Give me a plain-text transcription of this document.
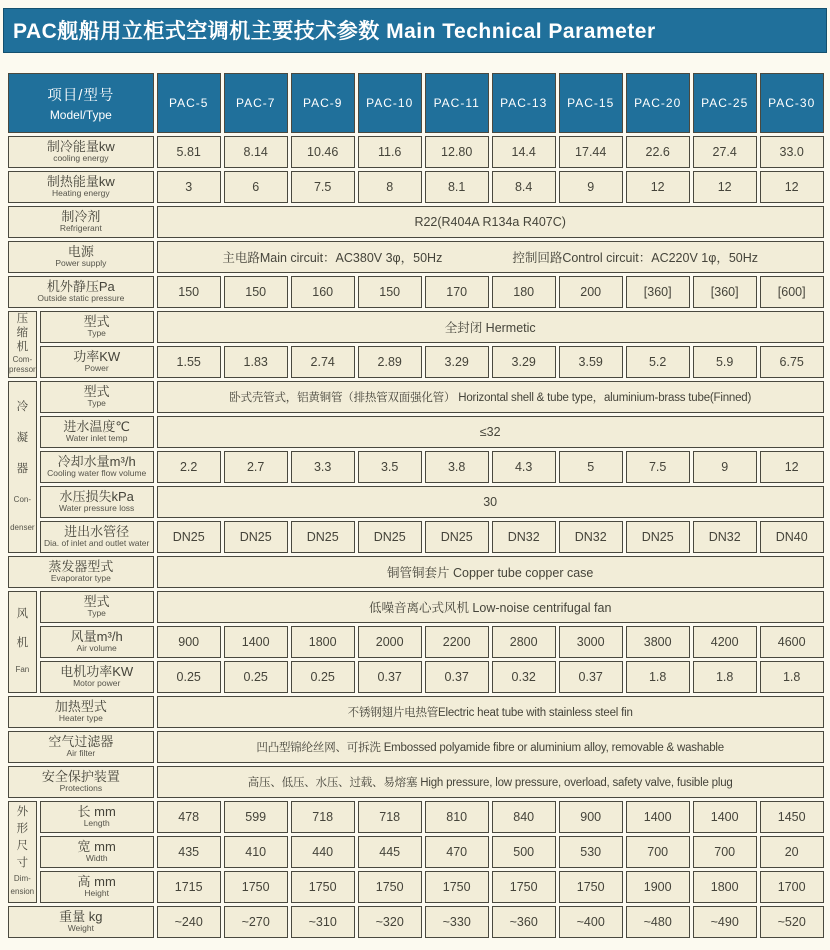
PAC舰船用立柜式空调机主要技术参数 Main Technical Parameter
项目/型号
Model/Type		PAC-5	PAC-7	PAC-9	PAC-10	PAC-11	PAC-13	PAC-15	PAC-20	PAC-25	PAC-30

制冷能量kw
cooling energy		5.81	8.14	10.46	11.6	12.80	14.4	17.44	22.6	27.4	33.0

制热能量kw
Heating energy		3	6	7.5	8	8.1	8.4	9	12	12	12

制冷剂
Refrigerant		R22(R404A R134a R407C)									

电源
Power supply	主电路Main circuit：AC380V 3φ，50Hz	控制回路Control circuit：AC220V 1φ，50Hz

机外静压Pa
Outside static pressure		150	150	160	150	170	180	200	[360]	[360]	[600]

压
缩
机
Com-
pressor

型式
Type	全封闭 Hermetic

	功率KW
Power	1.55	1.83	2.74	2.89	3.29	3.29	3.59	5.2	5.9	6.75

冷
凝
器
Con-
denser

型式
Type	卧式壳管式，铝黄铜管（排热管双面强化管） Horizontal shell & tube type，aluminium-brass tube(Finned)

	进水温度℃
Water inlet temp	≤32									

	冷却水量m³/h
Cooling water flow volume	2.2	2.7	3.3	3.5	3.8	4.3	5	7.5	9	12

	水压损失kPa
Water pressure loss	30									

	进出水管径
Dia. of inlet and outlet water	DN25	DN25	DN25	DN25	DN25	DN32	DN32	DN25	DN32	DN40

蒸发器型式
Evaporator type		铜管铜套片 Copper tube copper case									

风
机
Fan

型式
Type	低噪音离心式风机 Low-noise centrifugal fan

	风量m³/h
Air volume	900	1400	1800	2000	2200	2800	3000	3800	4200	4600

	电机功率KW
Motor power	0.25	0.25	0.25	0.37	0.37	0.32	0.37	1.8	1.8	1.8

加热型式
Heater type		不锈钢翅片电热管Electric heat tube with stainless steel fin									

空气过滤器
Air filter		凹凸型锦纶丝网、可拆洗 Embossed polyamide fibre or aluminium alloy, removable & washable									

安全保护装置
Protections		高压、低压、水压、过载、易熔塞 High pressure, low pressure, overload, safety valve, fusible plug									

外
形
尺
寸
Dim-
ension

长 mm
Length	478	599	718	718	810	840	900	1400	1400	1450

	宽 mm
Width	435	410	440	445	470	500	530	700	700	20

	高 mm
Height	1715	1750	1750	1750	1750	1750	1750	1900	1800	1700

重量 kg
Weight		~240	~270	~310	~320	~330	~360	~400	~480	~490	~520
